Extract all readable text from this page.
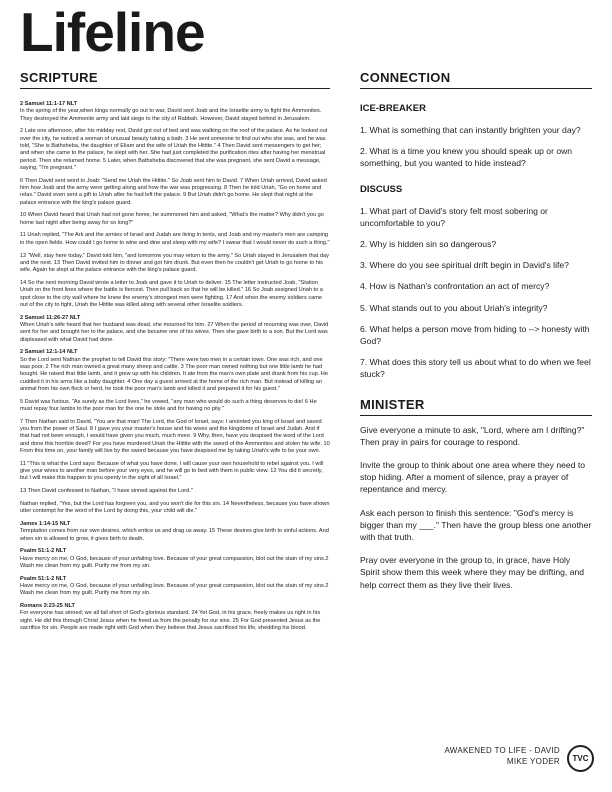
Lifeline
SCRIPTURE
2 Samuel 11:1-17 NLT

In the spring of the year,when kings normally go out to war, David sent Joab and the Israelite army to fight the Ammonites. They destroyed the Ammonite army and laid siege to the city of Rabbah. However, David stayed behind in Jerusalem.

2 Late one afternoon, after his midday rest, David got out of bed and was walking on the roof of the palace. As he looked out over the city, he noticed a woman of unusual beauty taking a bath. 3 He sent someone to find out who she was, and he was told, "She is Bathsheba, the daughter of Eliam and the wife of Uriah the Hittite." 4 Then David sent messengers to get her; and when she came to the palace, he slept with her. She had just completed the purification rites after having her menstrual period. Then she returned home. 5 Later, when Bathsheba discovered that she was pregnant, she sent David a message, saying, "I'm pregnant."

6 Then David sent word to Joab: "Send me Uriah the Hittite." So Joab sent him to David. 7 When Uriah arrived, David asked him how Joab and the army were getting along and how the war was progressing. 8 Then he told Uriah, "Go on home and relax." David even sent a gift to Uriah after he had left the palace. 9 But Uriah didn't go home. He slept that night at the palace entrance with the king's palace guard.

10 When David heard that Uriah had not gone home, he summoned him and asked, "What's the matter? Why didn't you go home last night after being away for so long?"

11 Uriah replied, "The Ark and the armies of Israel and Judah are living in tents, and Joab and my master's men are camping in the open fields. How could I go home to wine and dine and sleep with my wife? I swear that I would never do such a thing."

12 "Well, stay here today," David told him, "and tomorrow you may return to the army." So Uriah stayed in Jerusalem that day and the next. 13 Then David invited him to dinner and got him drunk. But even then he couldn't get Uriah to go home to his wife. Again he slept at the palace entrance with the king's palace guard.

14 So the next morning David wrote a letter to Joab and gave it to Uriah to deliver. 15 The letter instructed Joab, "Station Uriah on the front lines where the battle is fiercest. Then pull back so that he will be killed." 16 So Joab assigned Uriah to a spot close to the city wall where he knew the enemy's strongest men were fighting. 17 And when the enemy soldiers came out of the city to fight, Uriah the Hittite was killed along with several other Israelite soldiers.

2 Samuel 11:26-27 NLT

When Uriah's wife heard that her husband was dead, she mourned for him. 27 When the period of mourning was over, David sent for her and brought her to the palace, and she became one of his wives. Then she gave birth to a son. But the Lord was displeased with what David had done.

2 Samuel 12:1-14 NLT

So the Lord sent Nathan the prophet to tell David this story: "There were two men in a certain town. One was rich, and one was poor. 2 The rich man owned a great many sheep and cattle. 3 The poor man owned nothing but one little lamb he had bought. He raised that little lamb, and it grew up with his children. It ate from the man's own plate and drank from his cup. He cuddled it in his arms like a baby daughter. 4 One day a guest arrived at the home of the rich man. But instead of killing an animal from his own flock or herd, he took the poor man's lamb and killed it and prepared it for his guest."

5 David was furious. "As surely as the Lord lives," he vowed, "any man who would do such a thing deserves to die! 6 He must repay four lambs to the poor man for the one he stole and for having no pity."

7 Then Nathan said to David, "You are that man! The Lord, the God of Israel, says: I anointed you king of Israel and saved you from the power of Saul. 8 I gave you your master's house and his wives and the kingdoms of Israel and Judah. And if that had not been enough, I would have given you much, much more. 9 Why, then, have you despised the word of the Lord and done this horrible deed? For you have murdered Uriah the Hittite with the sword of the Ammonites and stolen his wife. 10 From this time on, your family will live by the sword because you have despised me by taking Uriah's wife to be your own.

11 "This is what the Lord says: Because of what you have done, I will cause your own household to rebel against you. I will give your wives to another man before your very eyes, and he will go to bed with them in public view. 12 You did it secretly, but I will make this happen to you openly in the sight of all Israel."

13 Then David confessed to Nathan, "I have sinned against the Lord."

Nathan replied, "Yes, but the Lord has forgiven you, and you won't die for this sin. 14 Nevertheless, because you have shown utter contempt for the word of the Lord by doing this, your child will die."

James 1:14-15 NLT

Temptation comes from our own desires, which entice us and drag us away. 15 These desires give birth to sinful actions. And when sin is allowed to grow, it gives birth to death.

Psalm 51:1-2 NLT

Have mercy on me, O God, because of your unfailing love. Because of your great compassion, blot out the stain of my sins.2 Wash me clean from my guilt. Purify me from my sin.

Psalm 51:1-2 NLT

Have mercy on me, O God, because of your unfailing love. Because of your great compassion, blot out the stain of my sins.2 Wash me clean from my guilt. Purify me from my sin.

Romans 3:23-25 NLT

For everyone has sinned; we all fall short of God's glorious standard. 24 Yet God, in his grace, freely makes us right in his sight. He did this through Christ Jesus when he freed us from the penalty for our sins. 25 For God presented Jesus as the sacrifice for sin. People are made right with God when they believe that Jesus sacrificed his life, shedding his blood.

CONNECTION
ICE-BREAKER

1. What is something that can instantly brighten your day?

2. What is a time you knew you should speak up or own something, but you wanted to hide instead?

DISCUSS

1. What part of David's story felt most sobering or uncomfortable to you?

2. Why is hidden sin so dangerous?

3. Where do you see spiritual drift begin in David's life?

4. How is Nathan's confrontation an act of mercy?

5. What stands out to you about Uriah's integrity?

6. What helps a person move from hiding to --> honesty with God?

7. What does this story tell us about what to do when we feel stuck?

MINISTER

Give everyone a minute to ask, "Lord, where am I drifting?" Then pray in pairs for courage to respond.

Invite the group to think about one area where they need to stop hiding. After a moment of silence, pray a prayer of repentance and mercy.

Ask each person to finish this sentence: "God's mercy is bigger than my ___." Then have the group bless one another with that truth.

Pray over everyone in the group to, in grace, have Holy Spirit show them this week where they may be drifting, and help correct them as they live their lives.

AWAKENED TO LIFE - DAVID
MIKE YODER	TVC
